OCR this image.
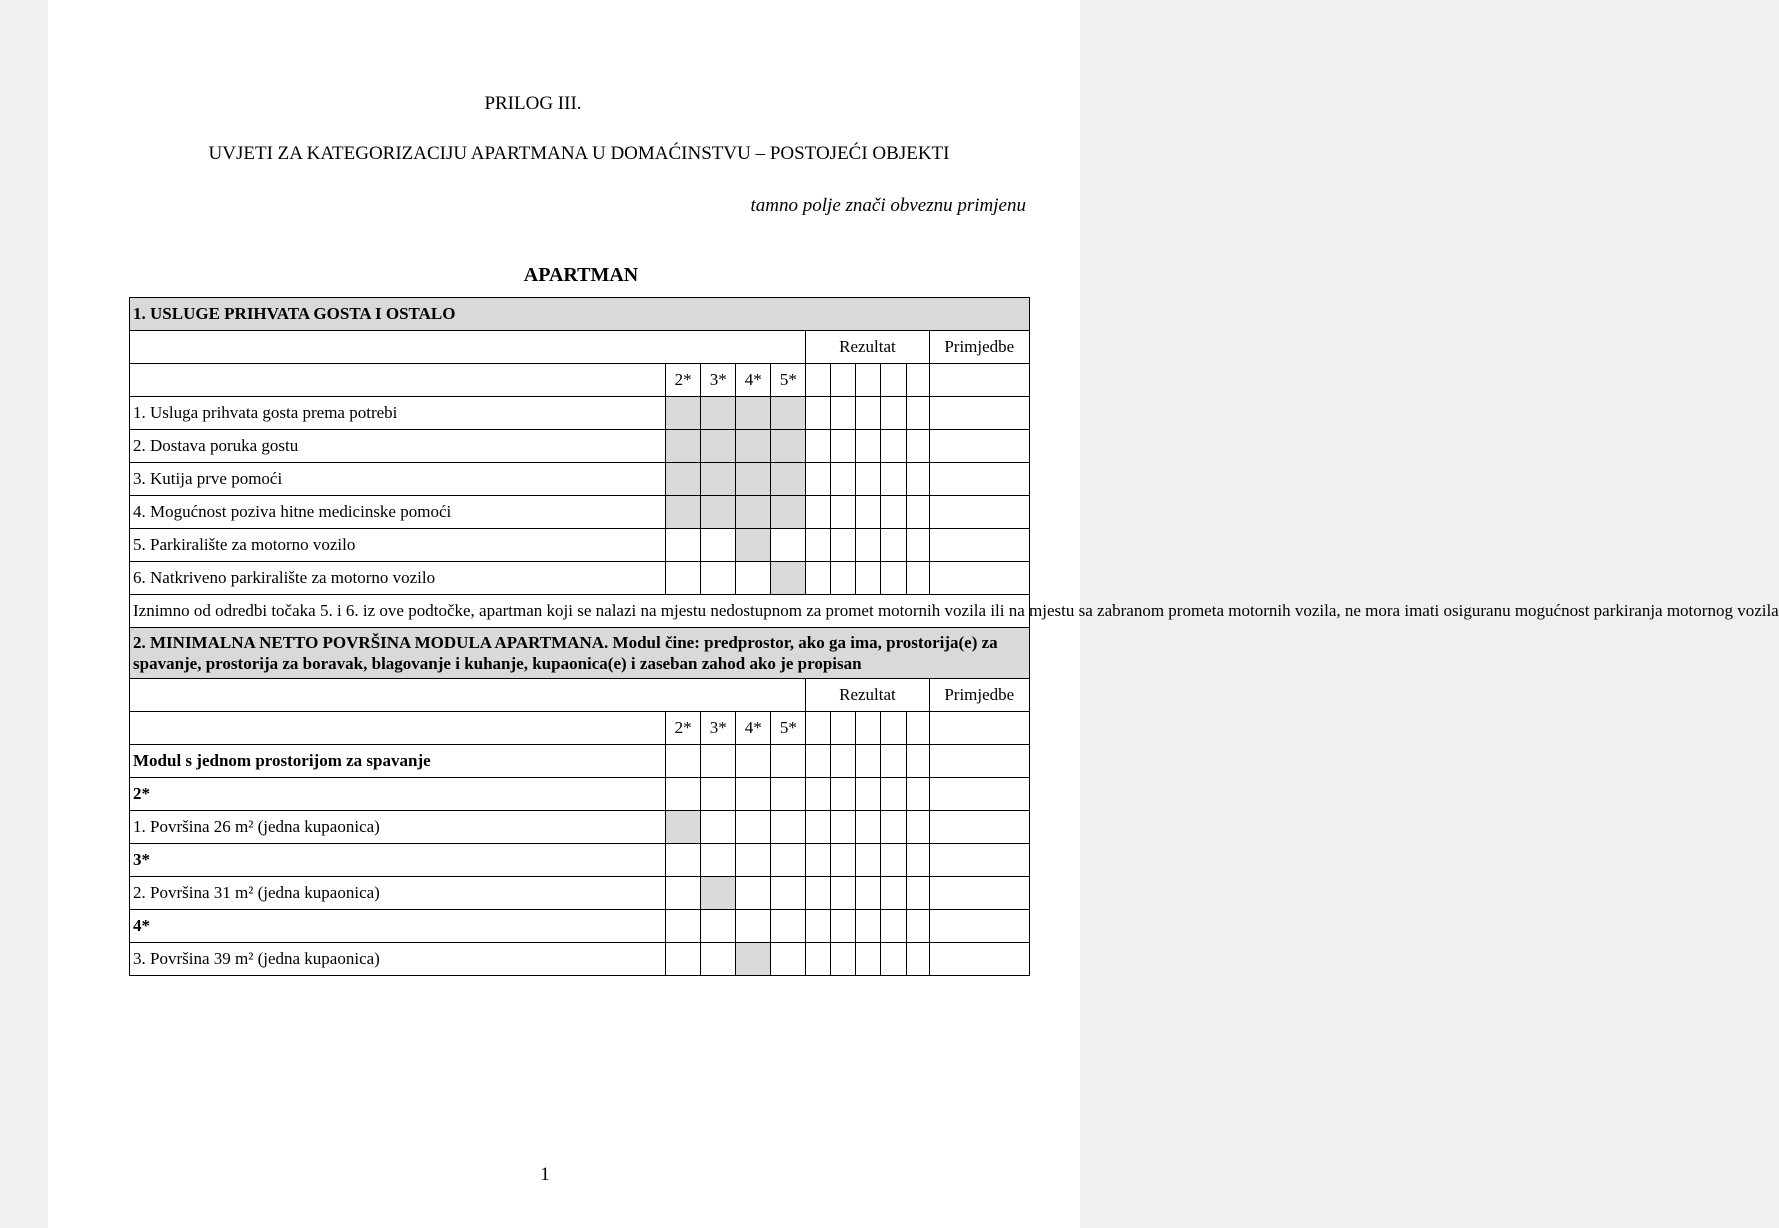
PRILOG III.
UVJETI ZA KATEGORIZACIJU APARTMANA U DOMAĆINSTVU – POSTOJEĆI OBJEKTI
tamno polje znači obveznu primjenu
APARTMAN
1. USLUGE PRIHVATA GOSTA I OSTALO										
					Rezultat					Primjedbe
	2*	3*	4*	5*						
1. Usluga prihvata gosta prema potrebi										
2. Dostava poruka gostu										
3. Kutija prve pomoći										
4. Mogućnost poziva hitne medicinske pomoći										
5. Parkiralište za motorno vozilo										
6. Natkriveno parkiralište za motorno vozilo										
Iznimno od odredbi točaka 5. i 6. iz ove podtočke, apartman koji se nalazi na mjestu nedostupnom za promet motornih vozila ili na mjestu sa zabranom prometa motornih vozila, ne mora imati osiguranu mogućnost parkiranja motornog vozila										
2. MINIMALNA NETTO POVRŠINA MODULA APARTMANA. Modul čine: predprostor, ako ga ima, prostorija(e) za spavanje, prostorija za boravak, blagovanje i kuhanje, kupaonica(e) i zaseban zahod ako je propisan										
					Rezultat					Primjedbe
	2*	3*	4*	5*						
Modul s jednom prostorijom za spavanje										
2*										
1. Površina 26 m² (jedna kupaonica)										
3*										
2. Površina 31 m² (jedna kupaonica)										
4*										
3. Površina 39 m² (jedna kupaonica)										
1
